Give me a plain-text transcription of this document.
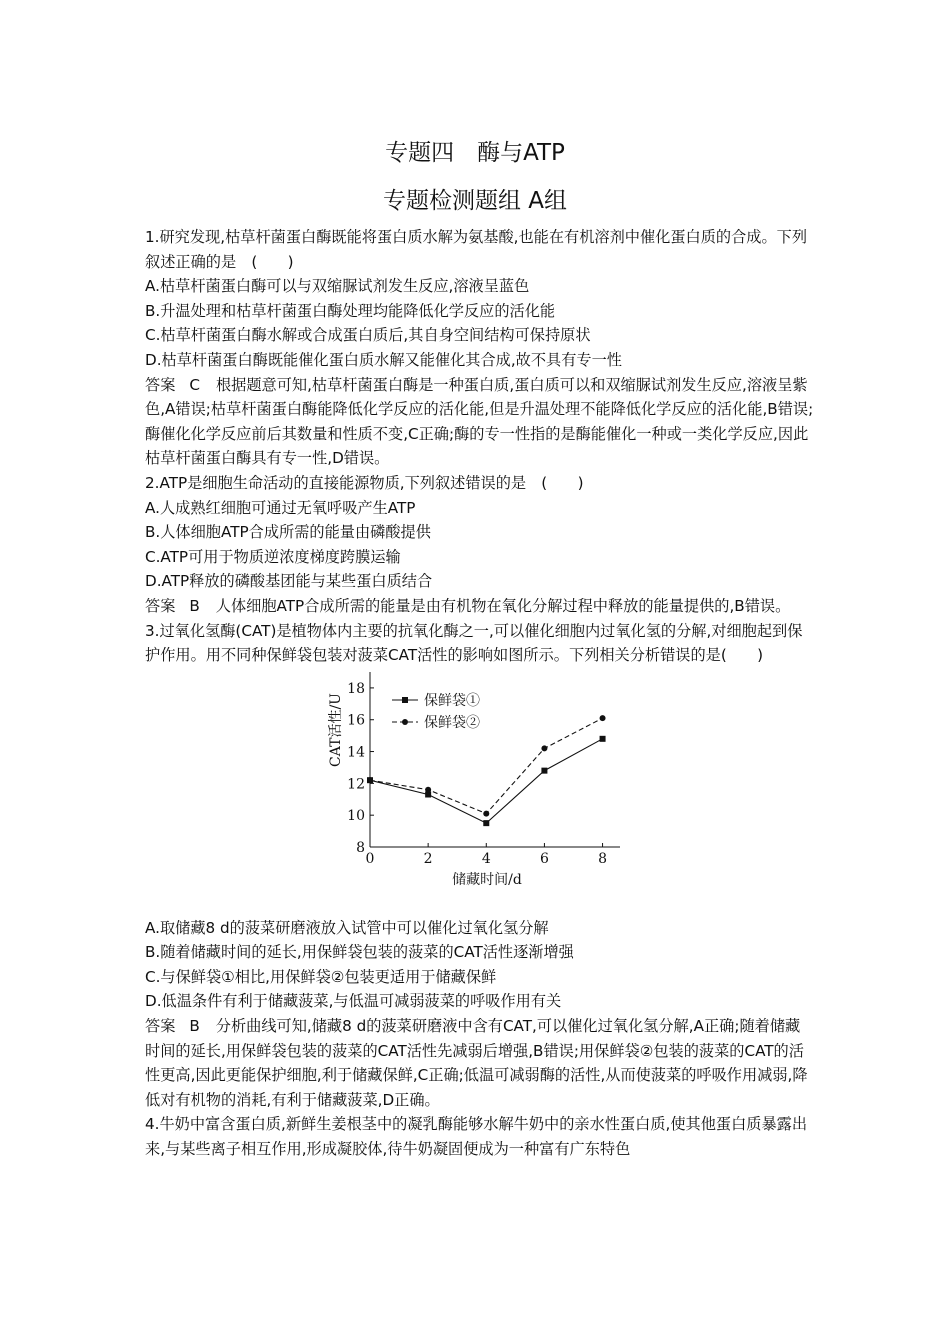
专题四　酶与ATP
专题检测题组 A组

1.研究发现,枯草杆菌蛋白酶既能将蛋白质水解为氨基酸,也能在有机溶剂中催化蛋白质的合成。下列叙述正确的是　(　　)

A.枯草杆菌蛋白酶可以与双缩脲试剂发生反应,溶液呈蓝色

B.升温处理和枯草杆菌蛋白酶处理均能降低化学反应的活化能

C.枯草杆菌蛋白酶水解或合成蛋白质后,其自身空间结构可保持原状

D.枯草杆菌蛋白酶既能催化蛋白质水解又能催化其合成,故不具有专一性

答案 C 根据题意可知,枯草杆菌蛋白酶是一种蛋白质,蛋白质可以和双缩脲试剂发生反应,溶液呈紫色,A错误;枯草杆菌蛋白酶能降低化学反应的活化能,但是升温处理不能降低化学反应的活化能,B错误;酶催化化学反应前后其数量和性质不变,C正确;酶的专一性指的是酶能催化一种或一类化学反应,因此枯草杆菌蛋白酶具有专一性,D错误。

2.ATP是细胞生命活动的直接能源物质,下列叙述错误的是　(　　)

A.人成熟红细胞可通过无氧呼吸产生ATP

B.人体细胞ATP合成所需的能量由磷酸提供

C.ATP可用于物质逆浓度梯度跨膜运输

D.ATP释放的磷酸基团能与某些蛋白质结合

答案 B 人体细胞ATP合成所需的能量是由有机物在氧化分解过程中释放的能量提供的,B错误。

3.过氧化氢酶(CAT)是植物体内主要的抗氧化酶之一,可以催化细胞内过氧化氢的分解,对细胞起到保护作用。用不同种保鲜袋包装对菠菜CAT活性的影响如图所示。下列相关分析错误的是(　　)

8
10
12
14
16
18
0	2	4	6	8
储藏时间/d
CAT活性/U	保鲜袋①
保鲜袋②

A.取储藏8 d的菠菜研磨液放入试管中可以催化过氧化氢分解

B.随着储藏时间的延长,用保鲜袋包装的菠菜的CAT活性逐渐增强

C.与保鲜袋①相比,用保鲜袋②包装更适用于储藏保鲜

D.低温条件有利于储藏菠菜,与低温可减弱菠菜的呼吸作用有关

答案 B 分析曲线可知,储藏8 d的菠菜研磨液中含有CAT,可以催化过氧化氢分解,A正确;随着储藏时间的延长,用保鲜袋包装的菠菜的CAT活性先减弱后增强,B错误;用保鲜袋②包装的菠菜的CAT的活性更高,因此更能保护细胞,利于储藏保鲜,C正确;低温可减弱酶的活性,从而使菠菜的呼吸作用减弱,降低对有机物的消耗,有利于储藏菠菜,D正确。

4.牛奶中富含蛋白质,新鲜生姜根茎中的凝乳酶能够水解牛奶中的亲水性蛋白质,使其他蛋白质暴露出来,与某些离子相互作用,形成凝胶体,待牛奶凝固便成为一种富有广东特色
